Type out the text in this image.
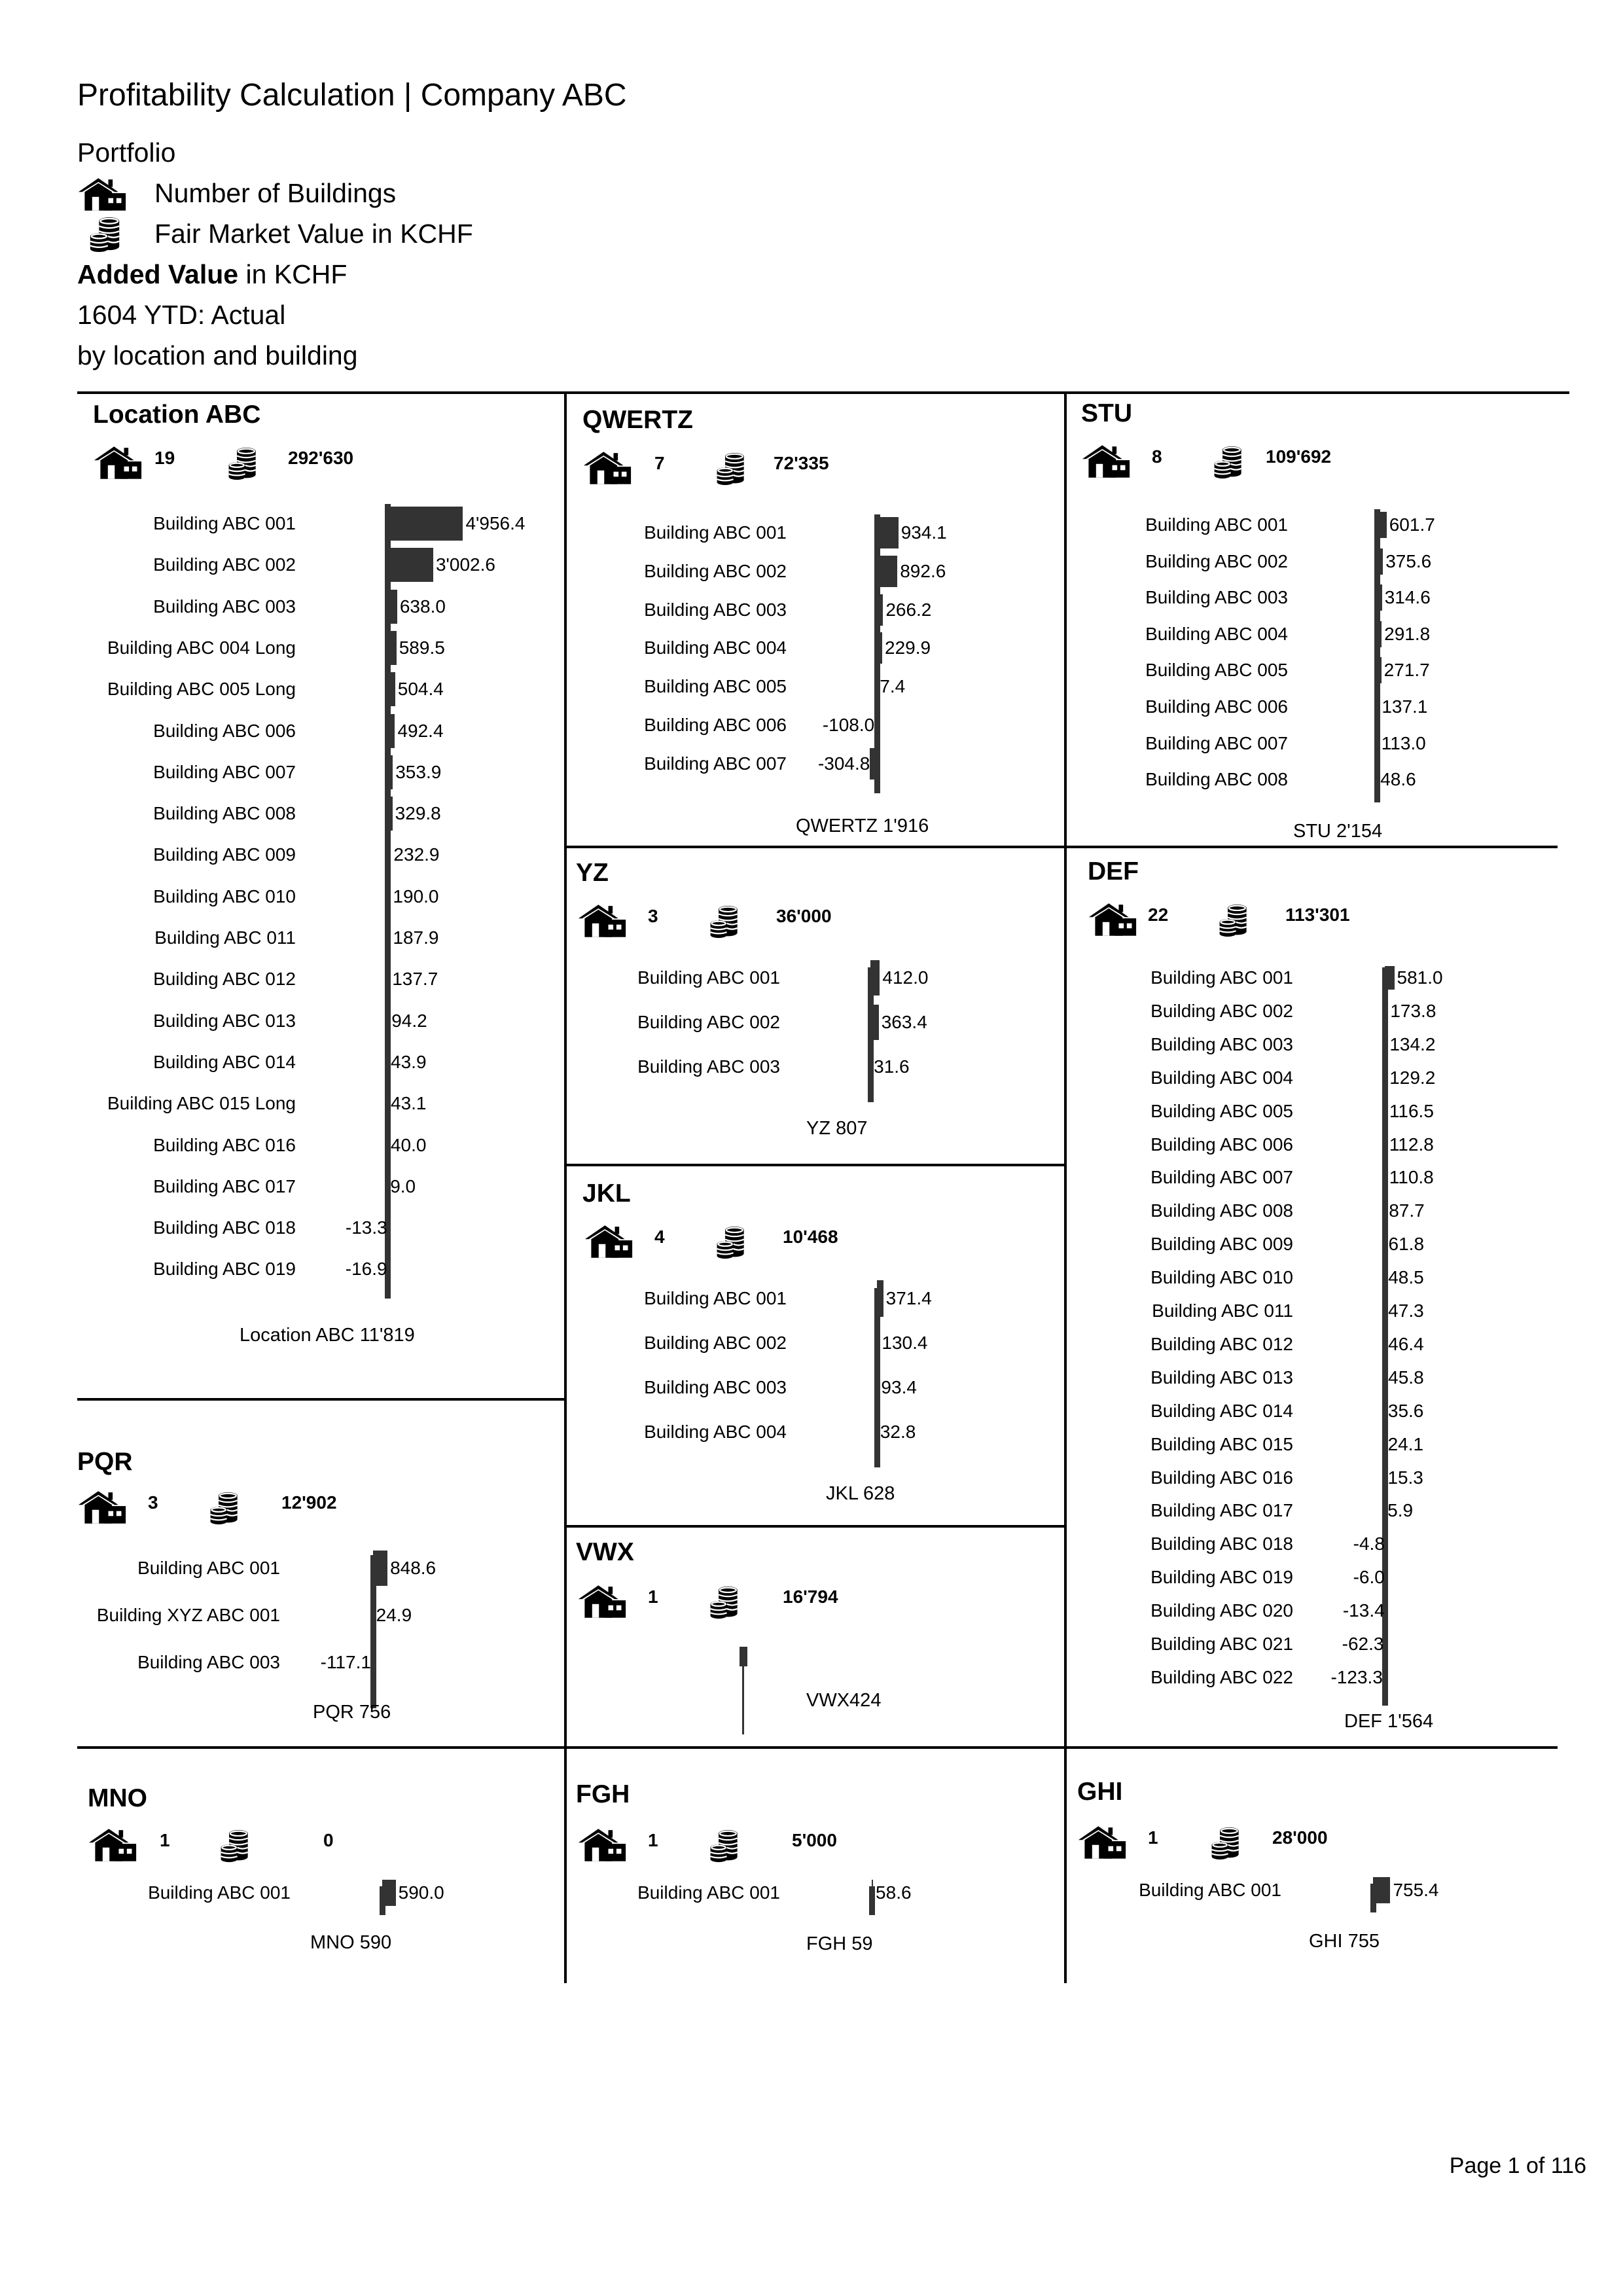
Profitability Calculation | Company ABC
Portfolio
Number of Buildings
Fair Market Value in KCHF
Added Value in KCHF
1604 YTD: Actual
by location and building
Location ABC
19	292'630
Building ABC 001	4'956.4
Building ABC 002	3'002.6
Building ABC 003	638.0
Building ABC 004 Long	589.5
Building ABC 005 Long	504.4
Building ABC 006	492.4
Building ABC 007	353.9
Building ABC 008	329.8
Building ABC 009	232.9
Building ABC 010	190.0
Building ABC 011	187.9
Building ABC 012	137.7
Building ABC 013	94.2
Building ABC 014	43.9
Building ABC 015 Long	43.1
Building ABC 016	40.0
Building ABC 017	9.0
Building ABC 018	-13.3
Building ABC 019	-16.9
Location ABC 11'819
QWERTZ
7	72'335
Building ABC 001	934.1
Building ABC 002	892.6
Building ABC 003	266.2
Building ABC 004	229.9
Building ABC 005	7.4
Building ABC 006 -108.0
Building ABC 007 -304.8
QWERTZ 1'916
STU
8	109'692
Building ABC 001	601.7
Building ABC 002	375.6
Building ABC 003	314.6
Building ABC 004	291.8
Building ABC 005	271.7
Building ABC 006	137.1
Building ABC 007	113.0
Building ABC 008	48.6
STU 2'154
YZ
3	36'000
Building ABC 001	412.0
Building ABC 002	363.4
Building ABC 003	31.6
YZ 807
DEF
22	113'301
Building ABC 001	581.0
Building ABC 002	173.8
Building ABC 003	134.2
Building ABC 004	129.2
Building ABC 005	116.5
Building ABC 006	112.8
Building ABC 007	110.8
Building ABC 008	87.7
Building ABC 009	61.8
Building ABC 010	48.5
Building ABC 011	47.3
Building ABC 012	46.4
Building ABC 013	45.8
Building ABC 014	35.6
Building ABC 015	24.1
Building ABC 016	15.3
Building ABC 017	5.9
Building ABC 018	-4.8
Building ABC 019	-6.0
Building ABC 020	-13.4
Building ABC 021	-62.3
Building ABC 022 -123.3
DEF 1'564
JKL
4	10'468
Building ABC 001	371.4
Building ABC 002	130.4
Building ABC 003	93.4
Building ABC 004	32.8
JKL 628
PQR
3	12'902
Building ABC 001	848.6
Building XYZ ABC 001	24.9
Building ABC 003 -117.1
PQR 756
VWX
1	16'794
VWX424
MNO
1	0
Building ABC 001	590.0
MNO 590
FGH
1	5'000
Building ABC 001	58.6
FGH 59
GHI
1	28'000
Building ABC 001	755.4
GHI 755
Page 1 of 116
